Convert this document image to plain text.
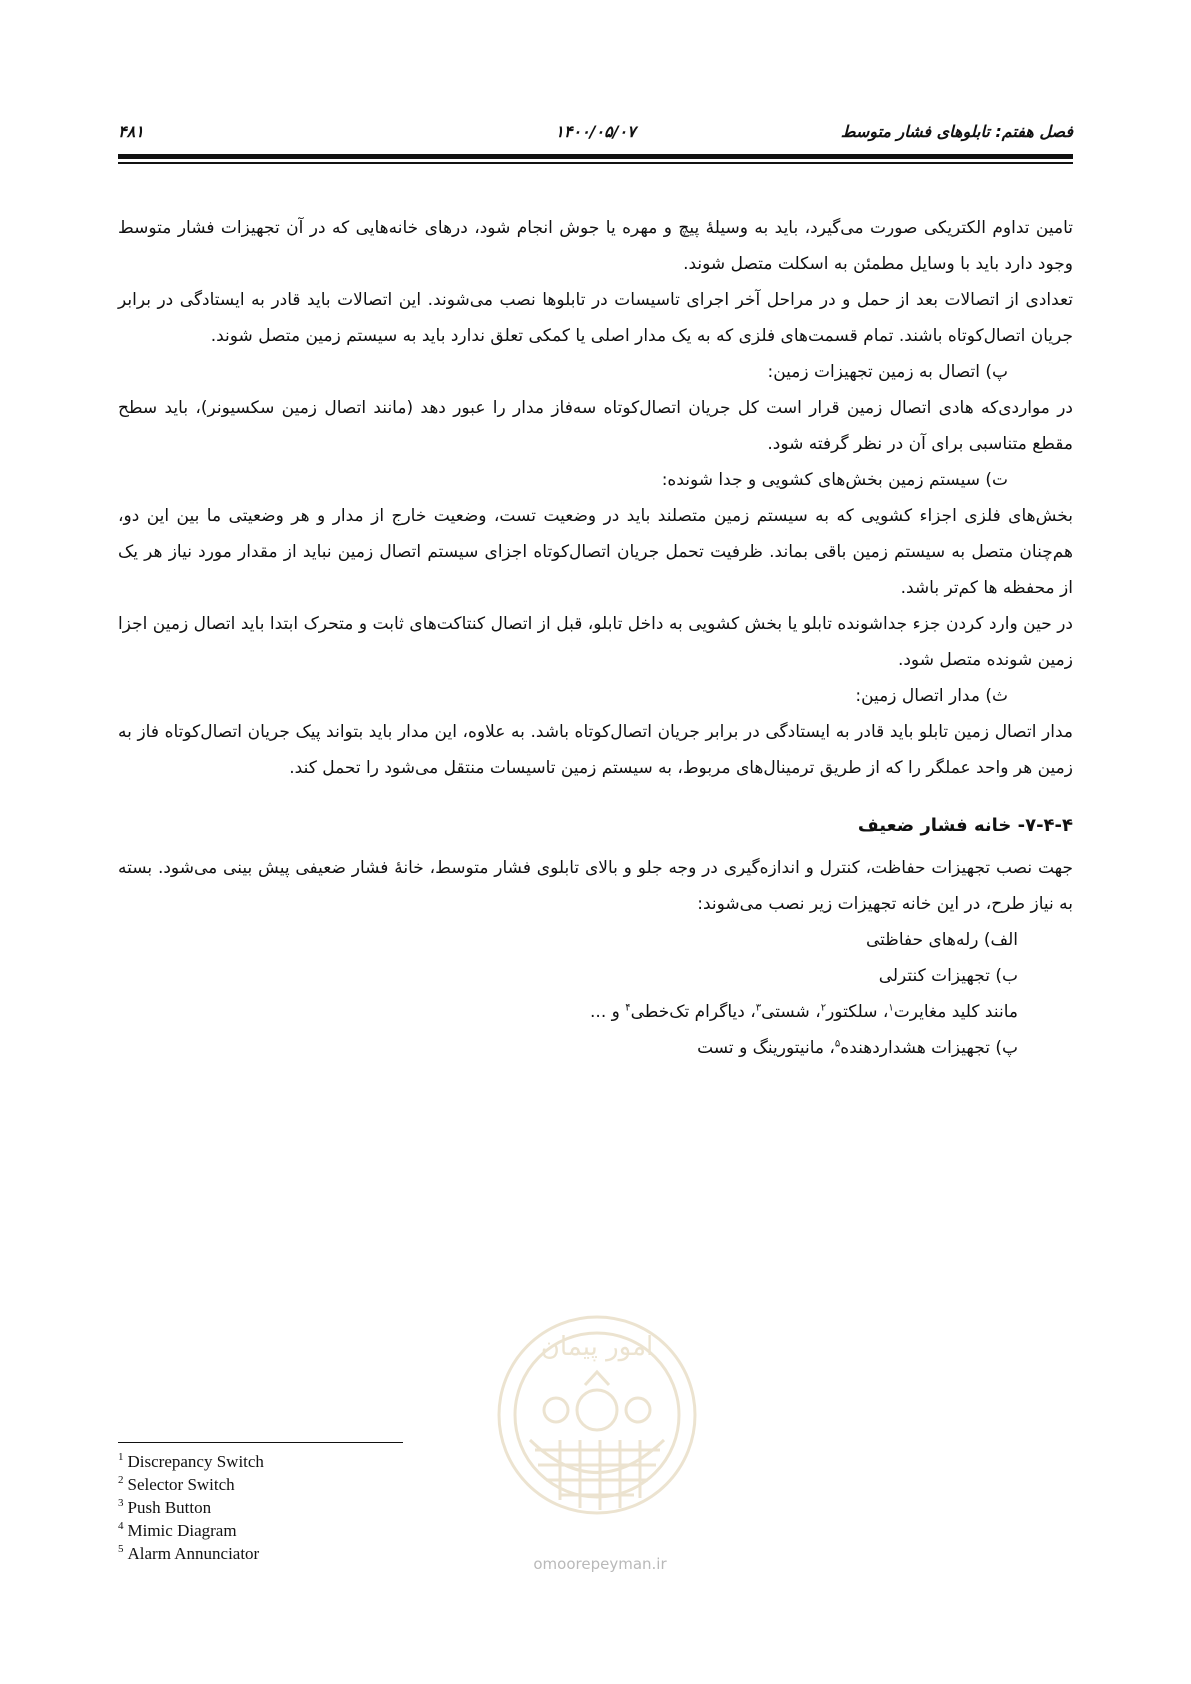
فصل هفتم: تابلوهای فشار متوسط
۱۴۰۰/۰۵/۰۷
۴۸۱

تامین تداوم الکتریکی صورت می‌گیرد، باید به وسیلهٔ پیچ و مهره یا جوش انجام شود، درهای خانه‌هایی که در آن تجهیزات فشار متوسط وجود دارد باید با وسایل مطمئن به اسکلت متصل شوند.

تعدادی از اتصالات بعد از حمل و در مراحل آخر اجرای تاسیسات در تابلوها نصب می‌شوند. این اتصالات باید قادر به ایستادگی در برابر جریان اتصال‌کوتاه باشند. تمام قسمت‌های فلزی که به یک مدار اصلی یا کمکی تعلق ندارد باید به سیستم زمین متصل شوند.

پ) اتصال به زمین تجهیزات زمین:

در مواردی‌که هادی اتصال زمین قرار است کل جریان اتصال‌کوتاه سه‌فاز مدار را عبور دهد (مانند اتصال زمین سکسیونر)، باید سطح مقطع متناسبی برای آن در نظر گرفته شود.

ت) سیستم زمین بخش‌های کشویی و جدا شونده:

بخش‌های فلزی اجزاء کشویی که به سیستم زمین متصلند باید در وضعیت تست، وضعیت خارج از مدار و هر وضعیتی ما بین این دو، هم‌چنان متصل به سیستم زمین باقی بماند. ظرفیت تحمل جریان اتصال‌کوتاه اجزای سیستم اتصال زمین نباید از مقدار مورد نیاز هر یک از محفظه ها کم‌تر باشد.

در حین وارد کردن جزء جداشونده تابلو یا بخش کشویی به داخل تابلو، قبل از اتصال کنتاکت‌های ثابت و متحرک ابتدا باید اتصال زمین اجزا زمین شونده متصل شود.

ث) مدار اتصال زمین:

مدار اتصال زمین تابلو باید قادر به ایستادگی در برابر جریان اتصال‌کوتاه باشد. به علاوه، این مدار باید بتواند پیک جریان اتصال‌کوتاه فاز به زمین هر واحد عملگر را که از طریق ترمینال‌های مربوط، به سیستم زمین تاسیسات منتقل می‌شود را تحمل کند.

۷-۴-۴- خانه فشار ضعیف

جهت نصب تجهیزات حفاظت، کنترل و اندازه‌گیری در وجه جلو و بالای تابلوی فشار متوسط، خانهٔ فشار ضعیفی پیش بینی می‌شود. بسته به نیاز طرح، در این خانه تجهیزات زیر نصب می‌شوند:

الف) رله‌های حفاظتی

ب) تجهیزات کنترلی

مانند کلید مغایرت$^۱$، سلکتور$^۲$، شستی$^۳$، دیاگرام تک‌خطی$^۴$ و ...

پ) تجهیزات هشداردهنده$^۵$، مانیتورینگ و تست

امور پیمان
omoorepeyman.ir
$^1$ Discrepancy Switch
$^2$ Selector Switch
$^3$ Push Button
$^4$ Mimic Diagram
$^5$ Alarm Annunciator
